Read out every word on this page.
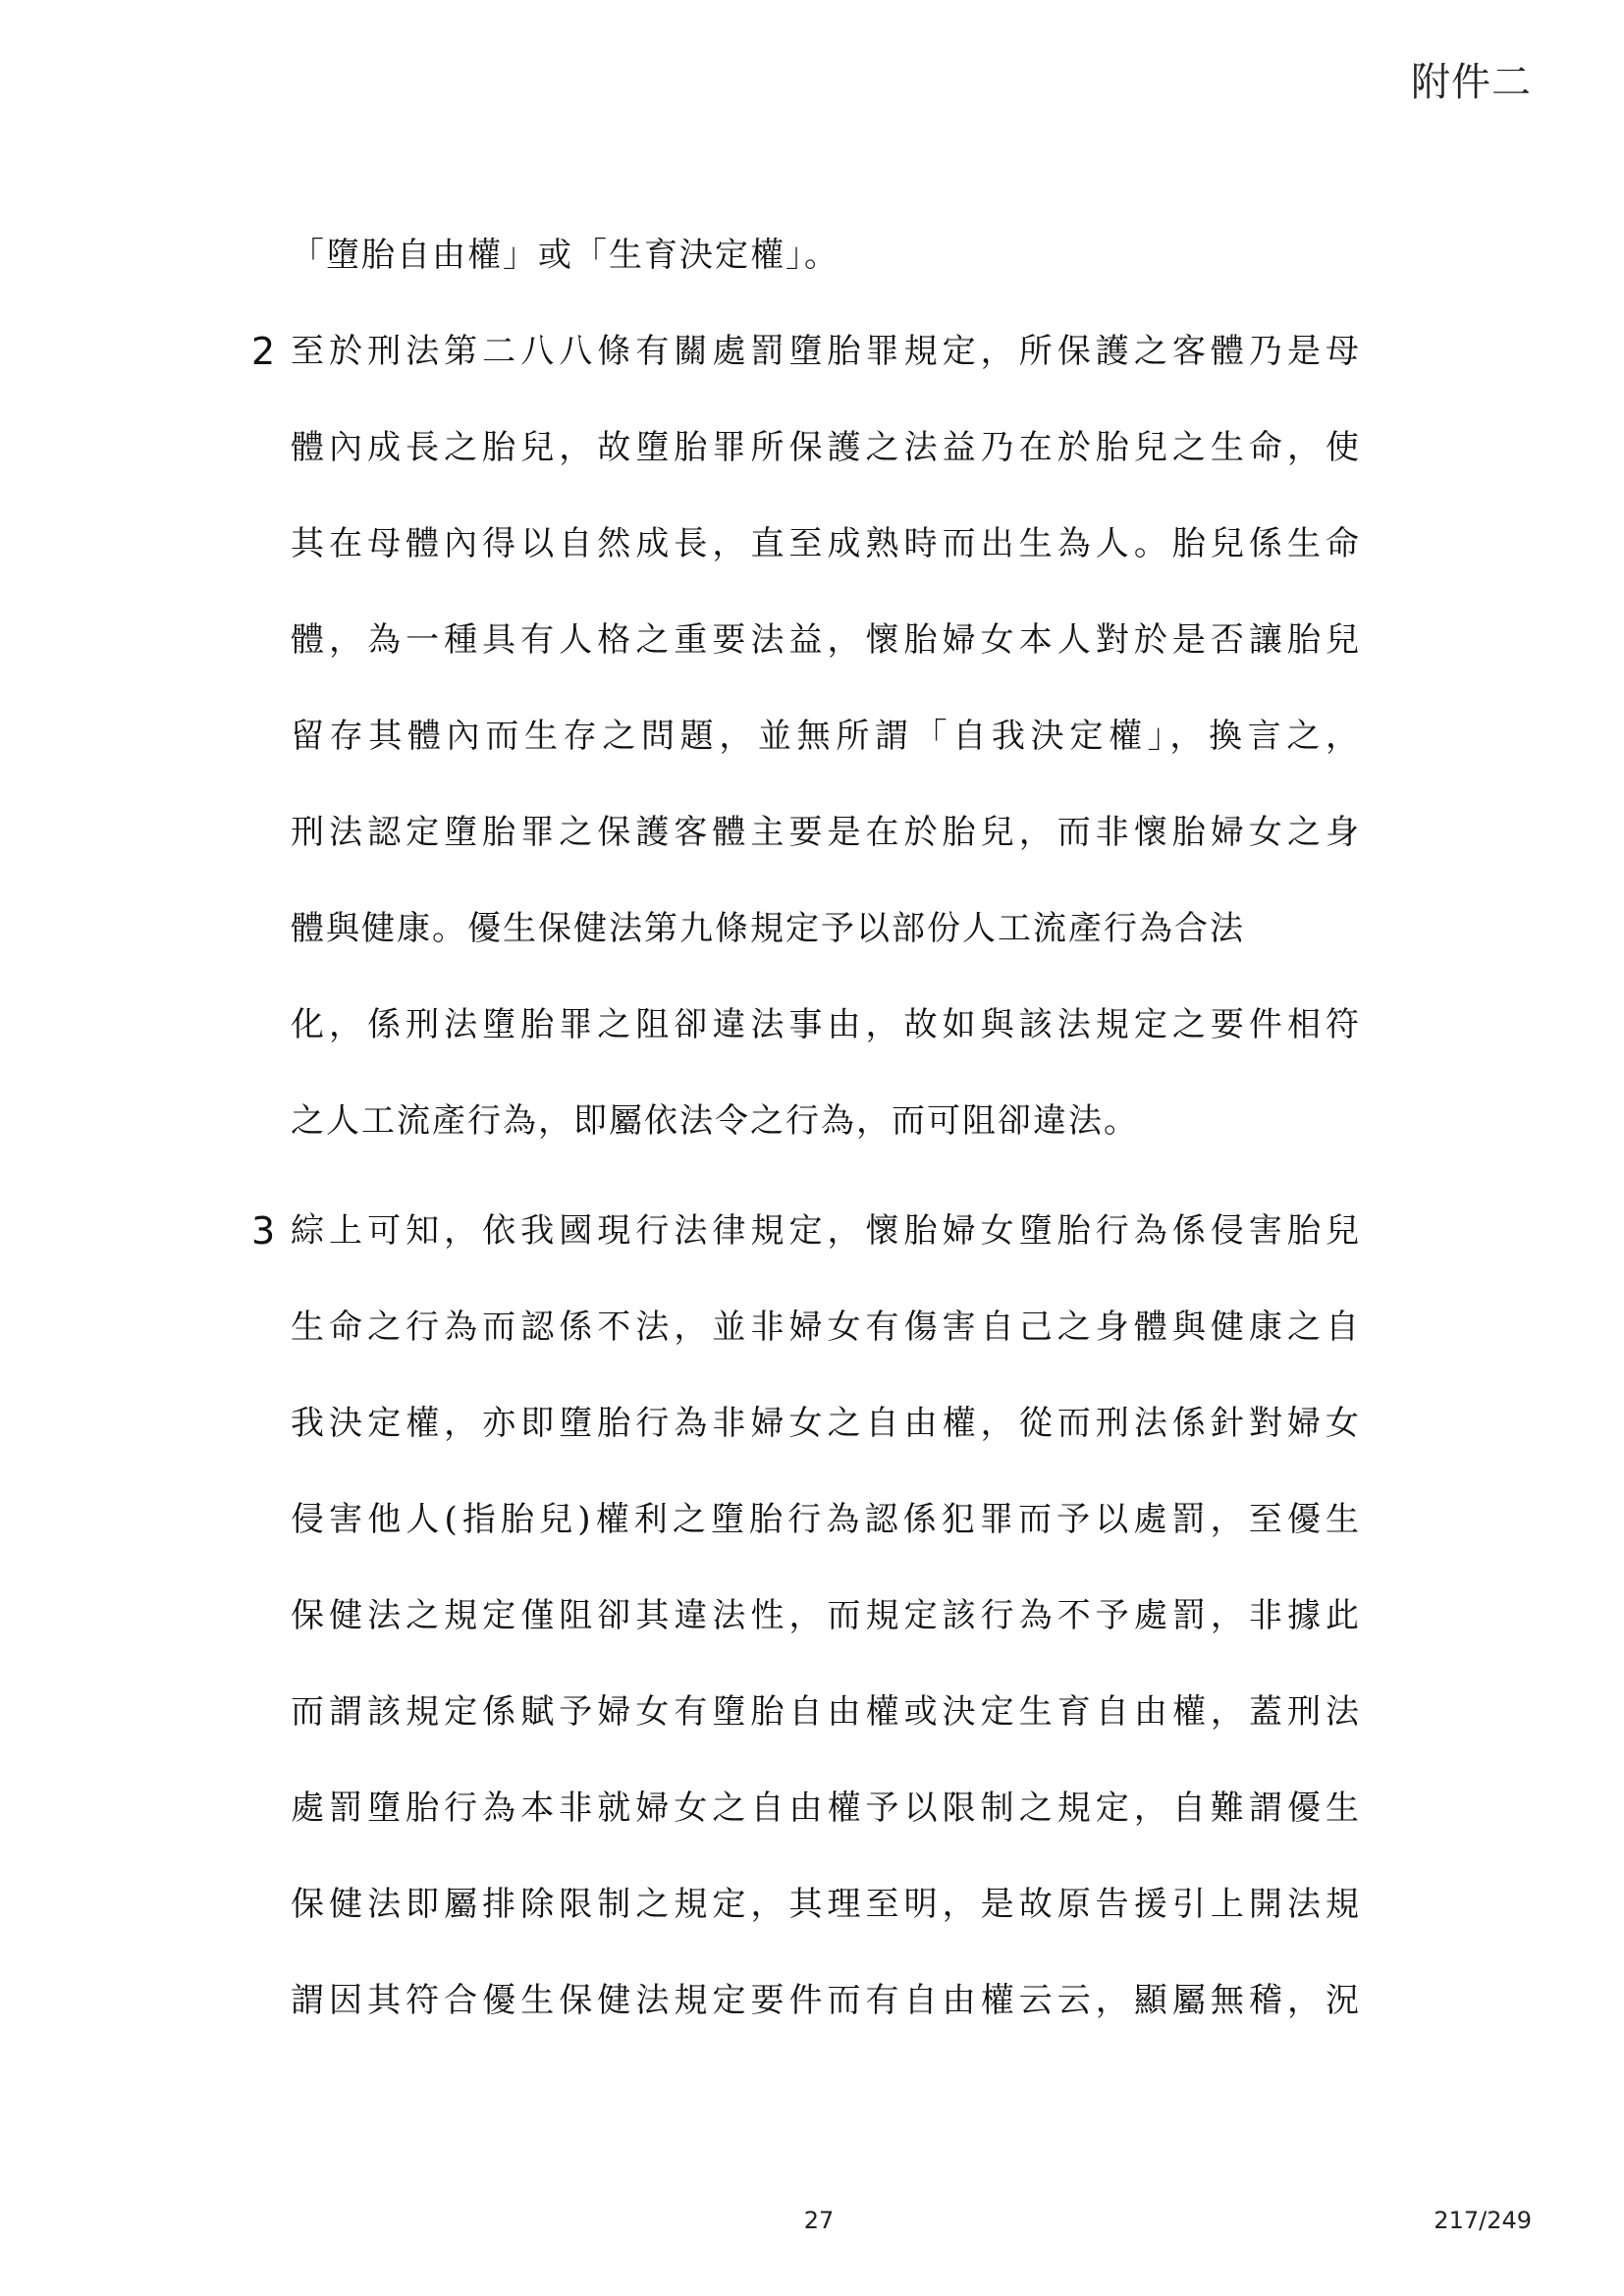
附件二
「墮胎自由權」或「生育決定權」。
2 至於刑法第二八八條有關處罰墮胎罪規定，所保護之客體乃是母
體內成長之胎兒，故墮胎罪所保護之法益乃在於胎兒之生命，使
其在母體內得以自然成長，直至成熟時而出生為人。胎兒係生命
體，為一種具有人格之重要法益，懷胎婦女本人對於是否讓胎兒
留存其體內而生存之問題，並無所謂「自我決定權」，換言之，
刑法認定墮胎罪之保護客體主要是在於胎兒，而非懷胎婦女之身
體與健康。優生保健法第九條規定予以部份人工流產行為合法
化，係刑法墮胎罪之阻卻違法事由，故如與該法規定之要件相符
之人工流產行為，即屬依法令之行為，而可阻卻違法。
3 綜上可知，依我國現行法律規定，懷胎婦女墮胎行為係侵害胎兒
生命之行為而認係不法，並非婦女有傷害自己之身體與健康之自
我決定權，亦即墮胎行為非婦女之自由權，從而刑法係針對婦女
侵害他人(指胎兒)權利之墮胎行為認係犯罪而予以處罰，至優生
保健法之規定僅阻卻其違法性，而規定該行為不予處罰，非據此
而謂該規定係賦予婦女有墮胎自由權或決定生育自由權，蓋刑法
處罰墮胎行為本非就婦女之自由權予以限制之規定，自難謂優生
保健法即屬排除限制之規定，其理至明，是故原告援引上開法規
謂因其符合優生保健法規定要件而有自由權云云，顯屬無稽，況
27	217/249
